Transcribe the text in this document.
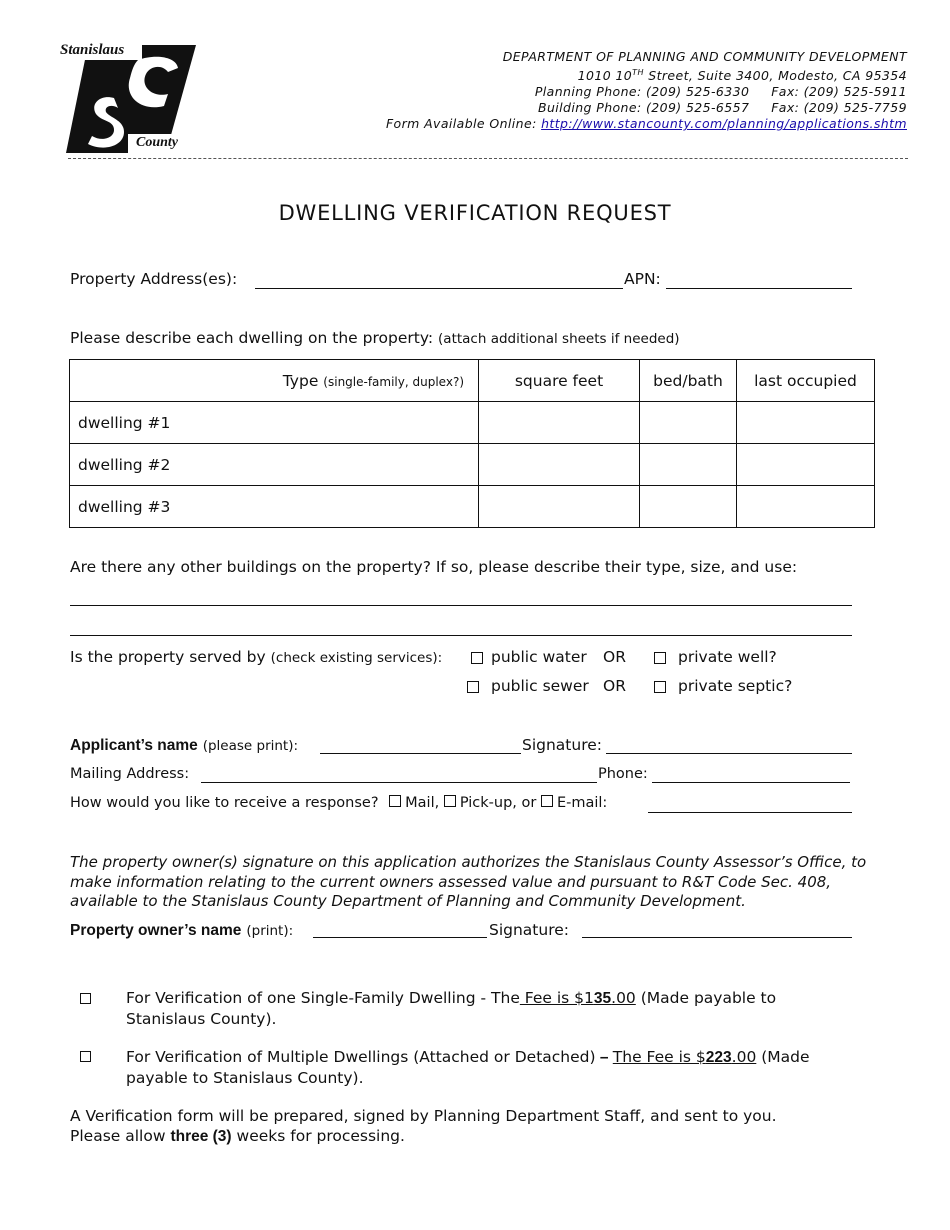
Stanislaus
County
DEPARTMENT OF PLANNING AND COMMUNITY DEVELOPMENT
1010 10TH Street, Suite 3400, Modesto, CA 95354
Planning Phone: (209) 525-6330     Fax: (209) 525-5911
Building Phone: (209) 525-6557     Fax: (209) 525-7759
Form Available Online: http://www.stancounty.com/planning/applications.shtm
DWELLING VERIFICATION REQUEST
Property Address(es):	APN:
Please describe each dwelling on the property: (attach additional sheets if needed)
Type (single-family, duplex?)	square feet	bed/bath	last occupied
dwelling #1			
dwelling #2			
dwelling #3			
Are there any other buildings on the property? If so, please describe their type, size, and use:
Is the property served by (check existing services):	public water OR	private well?
public sewer OR	private septic?
Applicant’s name (please print):	Signature:
Mailing Address:	Phone:
How would you like to receive a response? Mail, Pick-up, or E-mail:
The property owner(s) signature on this application authorizes the Stanislaus County Assessor’s Office, to make information relating to the current owners assessed value and pursuant to R&T Code Sec. 408, available to the Stanislaus County Department of Planning and Community Development.
Property owner’s name (print):	Signature:
For Verification of one Single-Family Dwelling - The Fee is $135.00 (Made payable to Stanislaus County).
For Verification of Multiple Dwellings (Attached or Detached) – The Fee is $223.00 (Made payable to Stanislaus County).
A Verification form will be prepared, signed by Planning Department Staff, and sent to you.
Please allow three (3) weeks for processing.
